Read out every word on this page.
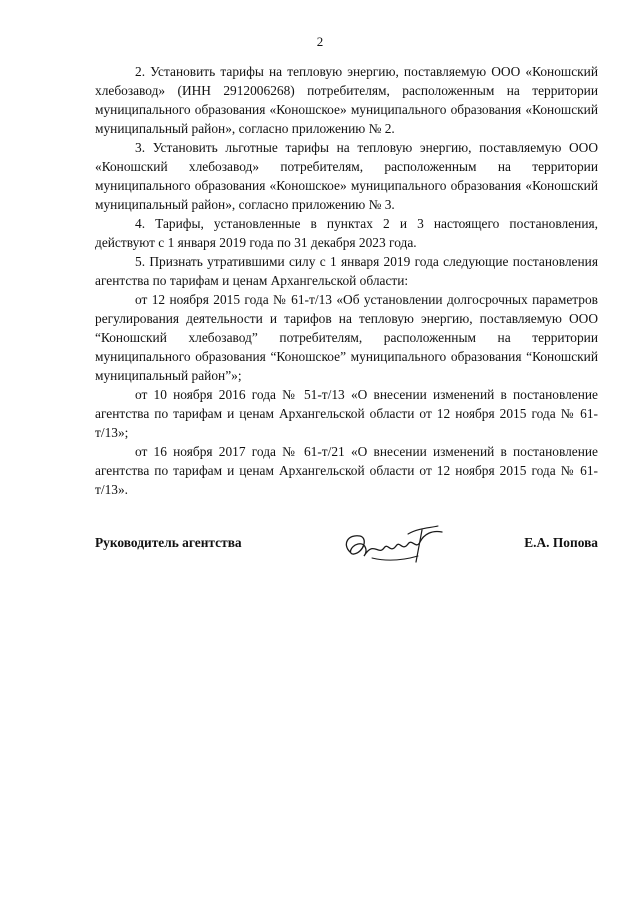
2

2. Установить тарифы на тепловую энергию, поставляемую ООО «Коношский хлебозавод» (ИНН 2912006268) потребителям, расположенным на территории муниципального образования «Коношское» муниципального образования «Коношский муниципальный район», согласно приложению № 2.

3. Установить льготные тарифы на тепловую энергию, поставляемую ООО «Коношский хлебозавод» потребителям, расположенным на территории муниципального образования «Коношское» муниципального образования «Коношский муниципальный район», согласно приложению № 3.

4. Тарифы, установленные в пунктах 2 и 3 настоящего постановления, действуют с 1 января 2019 года по 31 декабря 2023 года.

5. Признать утратившими силу с 1 января 2019 года следующие постановления агентства по тарифам и ценам Архангельской области:

от 12 ноября 2015 года № 61-т/13 «Об установлении долгосрочных параметров регулирования деятельности и тарифов на тепловую энергию, поставляемую ООО “Коношский хлебозавод” потребителям, расположенным на территории муниципального образования “Коношское” муниципального образования “Коношский муниципальный район”»;

от 10 ноября 2016 года № 51-т/13 «О внесении изменений в постановление агентства по тарифам и ценам Архангельской области от 12 ноября 2015 года № 61-т/13»;

от 16 ноября 2017 года № 61-т/21 «О внесении изменений в постановление агентства по тарифам и ценам Архангельской области от 12 ноября 2015 года № 61-т/13».

Руководитель агентства	Е.А. Попова
